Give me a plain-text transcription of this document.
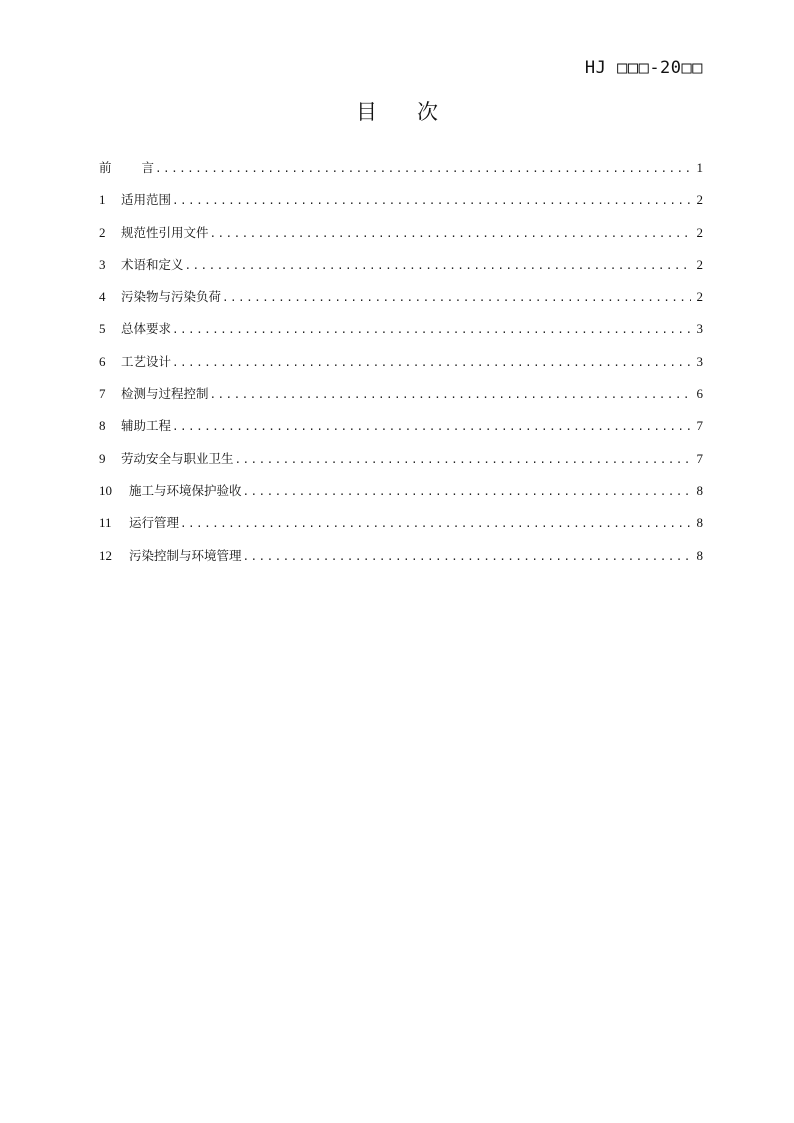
HJ □□□-20□□
目 次
前 言 .....	1
1	适用范围 .....	2
2	规范性引用文件 .....	2
3	术语和定义 .....	2
4	污染物与污染负荷 .....	2
5	总体要求 .....	3
6	工艺设计 .....	3
7	检测与过程控制 .....	6
8	辅助工程 .....	7
9	劳动安全与职业卫生 .....	7
10	施工与环境保护验收 .....	8
11	运行管理 .....	8
12	污染控制与环境管理 .....	8
